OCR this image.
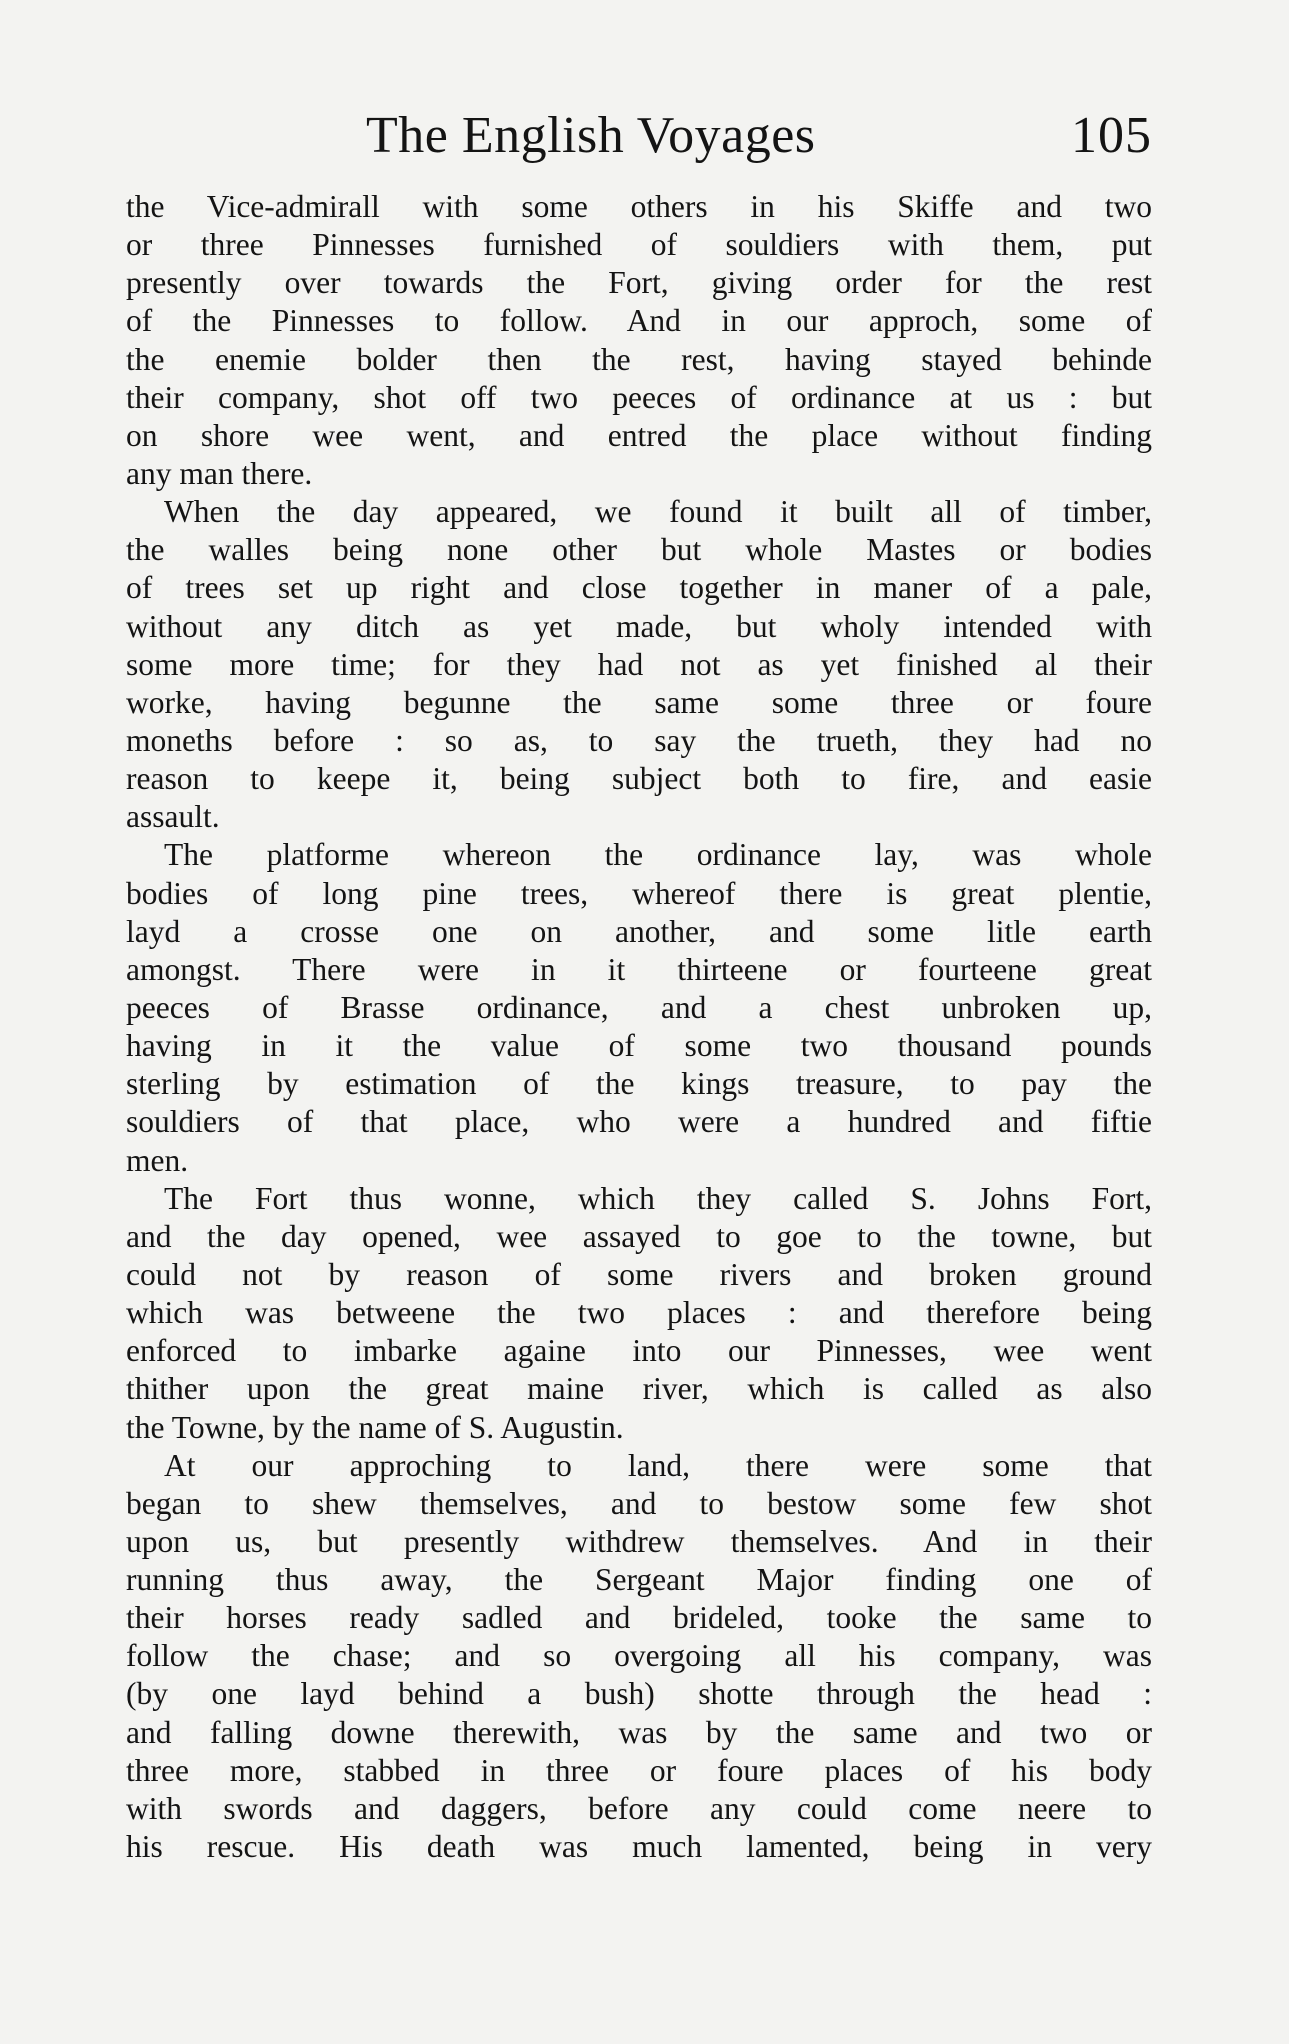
The English Voyages	105
the Vice-admirall with some others in his Skiffe and two
or three Pinnesses furnished of souldiers with them, put
presently over towards the Fort, giving order for the rest
of the Pinnesses to follow. And in our approch, some of
the enemie bolder then the rest, having stayed behinde
their company, shot off two peeces of ordinance at us : but
on shore wee went, and entred the place without finding
any man there.
When the day appeared, we found it built all of timber,
the walles being none other but whole Mastes or bodies
of trees set up right and close together in maner of a pale,
without any ditch as yet made, but wholy intended with
some more time; for they had not as yet finished al their
worke, having begunne the same some three or foure
moneths before : so as, to say the trueth, they had no
reason to keepe it, being subject both to fire, and easie
assault.
The platforme whereon the ordinance lay, was whole
bodies of long pine trees, whereof there is great plentie,
layd a crosse one on another, and some litle earth
amongst. There were in it thirteene or fourteene great
peeces of Brasse ordinance, and a chest unbroken up,
having in it the value of some two thousand pounds
sterling by estimation of the kings treasure, to pay the
souldiers of that place, who were a hundred and fiftie
men.
The Fort thus wonne, which they called S. Johns Fort,
and the day opened, wee assayed to goe to the towne, but
could not by reason of some rivers and broken ground
which was betweene the two places : and therefore being
enforced to imbarke againe into our Pinnesses, wee went
thither upon the great maine river, which is called as also
the Towne, by the name of S. Augustin.
At our approching to land, there were some that
began to shew themselves, and to bestow some few shot
upon us, but presently withdrew themselves. And in their
running thus away, the Sergeant Major finding one of
their horses ready sadled and brideled, tooke the same to
follow the chase; and so overgoing all his company, was
(by one layd behind a bush) shotte through the head :
and falling downe therewith, was by the same and two or
three more, stabbed in three or foure places of his body
with swords and daggers, before any could come neere to
his rescue. His death was much lamented, being in very
